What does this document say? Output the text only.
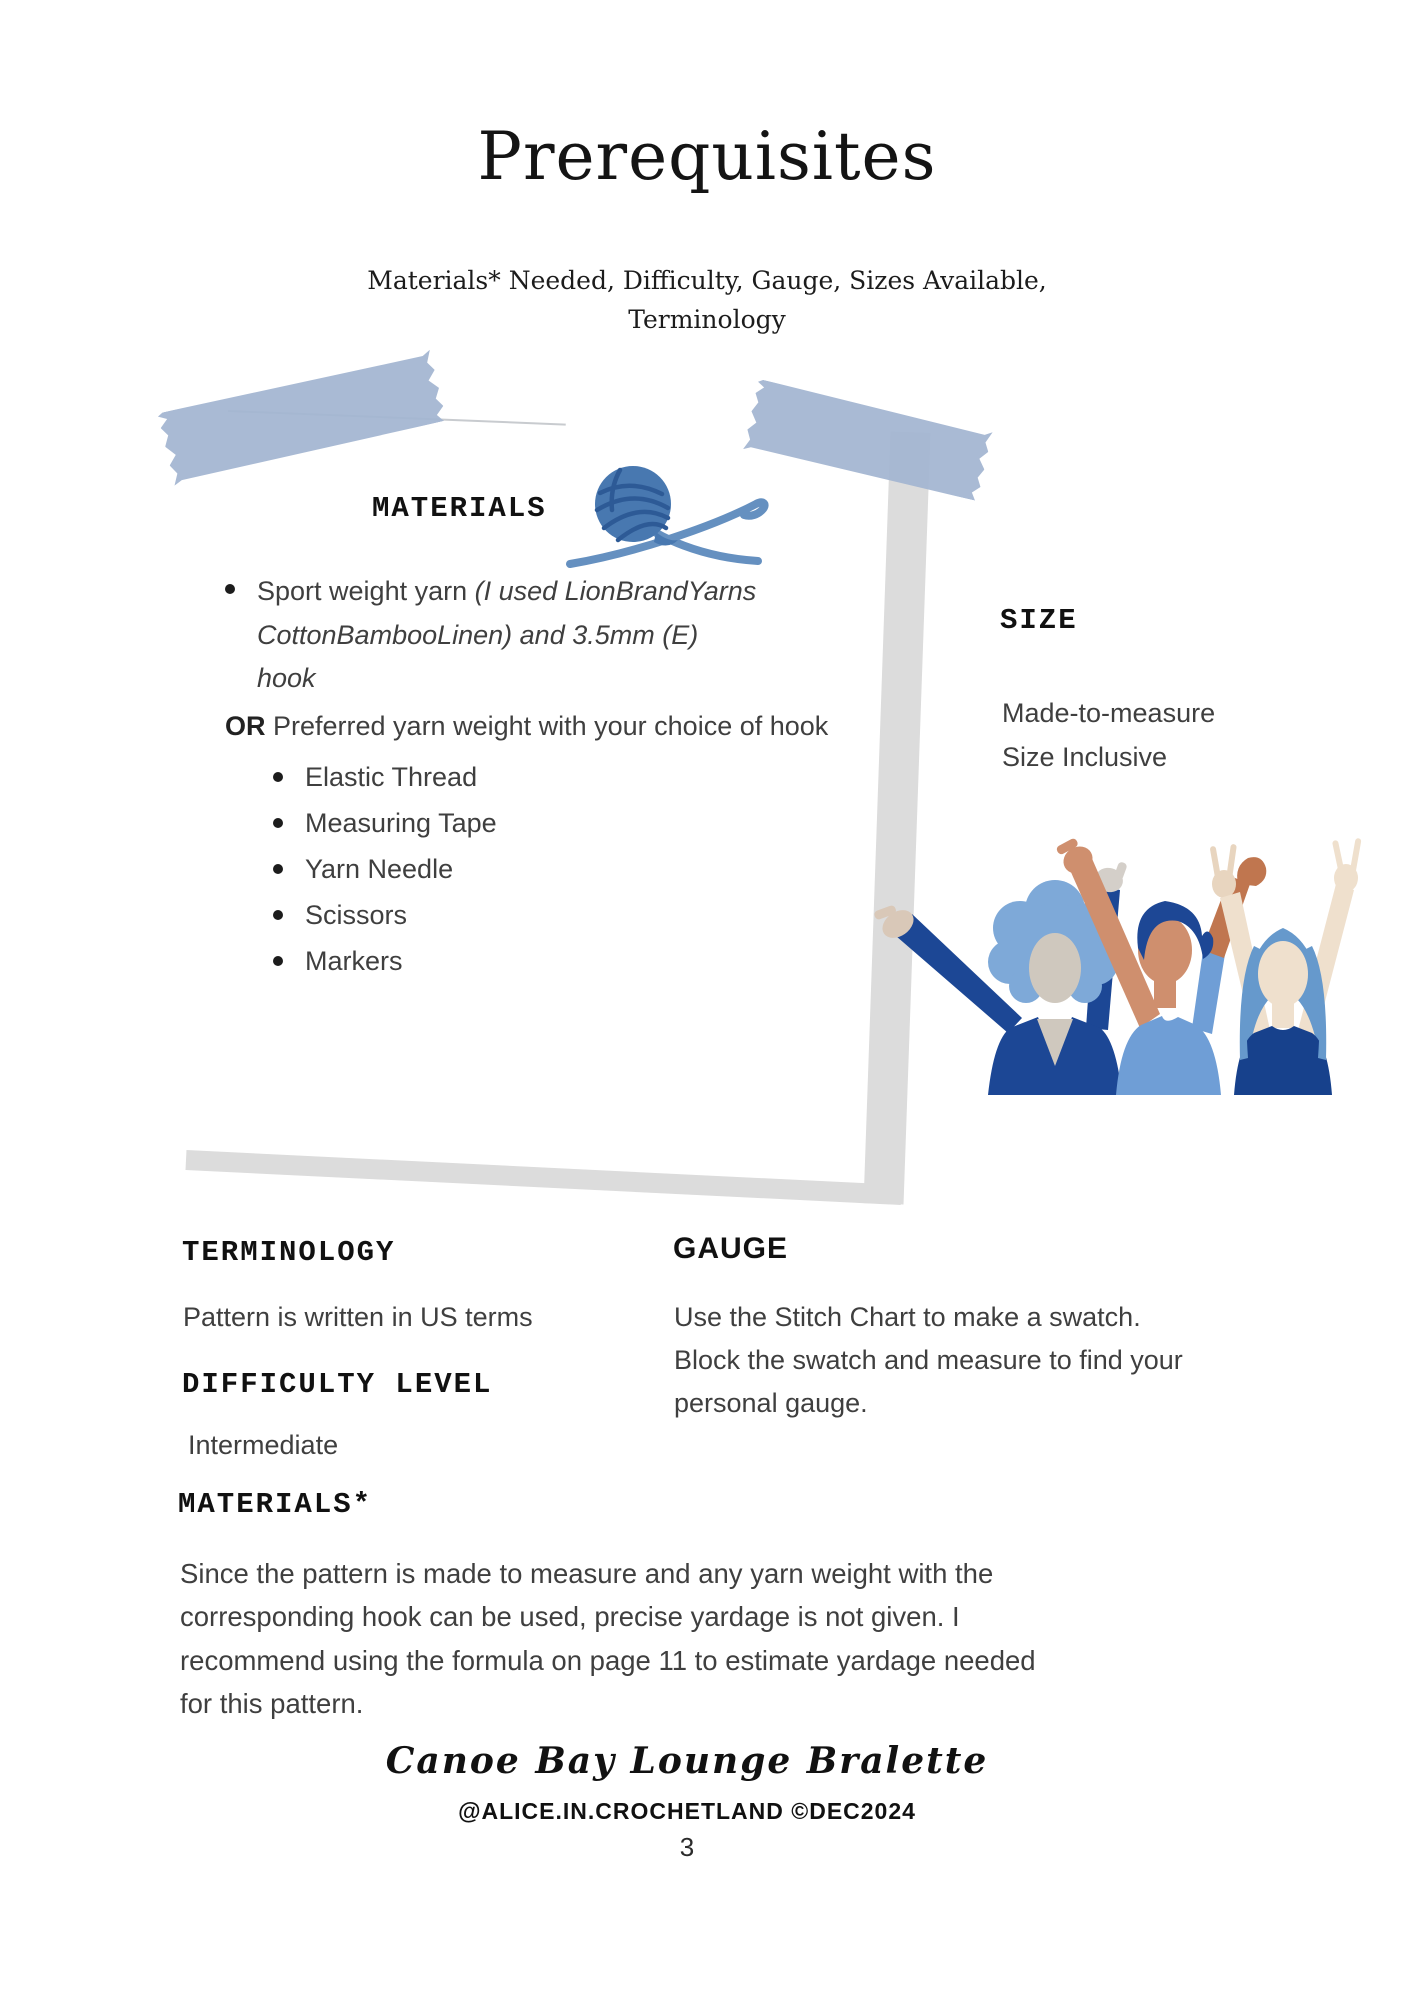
Prerequisites
Materials* Needed, Difficulty, Gauge, Sizes Available,
Terminology
MATERIALS
Sport weight yarn (I used LionBrandYarns CottonBambooLinen) and 3.5mm (E) hook
OR Preferred yarn weight with your choice of hook
Elastic Thread
Measuring Tape
Yarn Needle
Scissors
Markers
SIZE
Made-to-measure
Size Inclusive
TERMINOLOGY
Pattern is written in US terms
DIFFICULTY LEVEL
Intermediate
GAUGE
Use the Stitch Chart to make a swatch.
Block the swatch and measure to find your
personal gauge.
MATERIALS*
Since the pattern is made to measure and any yarn weight with the
corresponding hook can be used, precise yardage is not given. I
recommend using the formula on page 11 to estimate yardage needed
for this pattern.
Canoe Bay Lounge Bralette
@ALICE.IN.CROCHETLAND ©DEC2024
3
